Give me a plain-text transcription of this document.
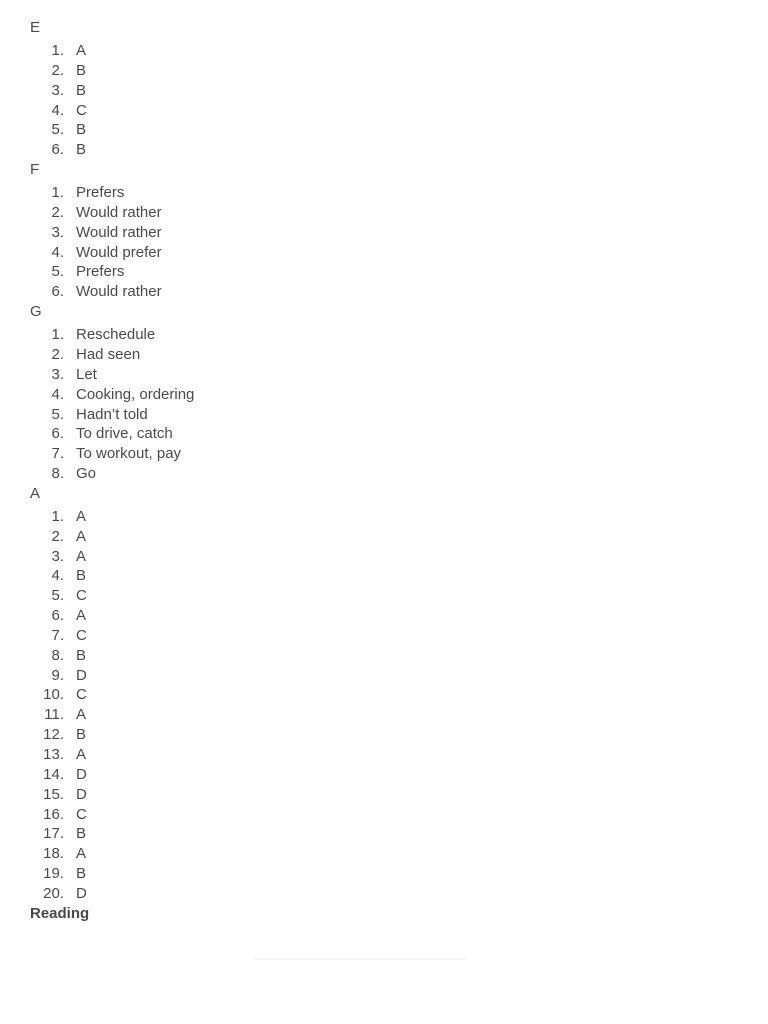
E
1. A
2. B
3. B
4. C
5. B
6. B
F
1. Prefers
2. Would rather
3. Would rather
4. Would prefer
5. Prefers
6. Would rather
G
1. Reschedule
2. Had seen
3. Let
4. Cooking, ordering
5. Hadn’t told
6. To drive, catch
7. To workout, pay
8. Go
A
1. A
2. A
3. A
4. B
5. C
6. A
7. C
8. B
9. D
10. C
11. A
12. B
13. A
14. D
15. D
16. C
17. B
18. A
19. B
20. D
Reading
